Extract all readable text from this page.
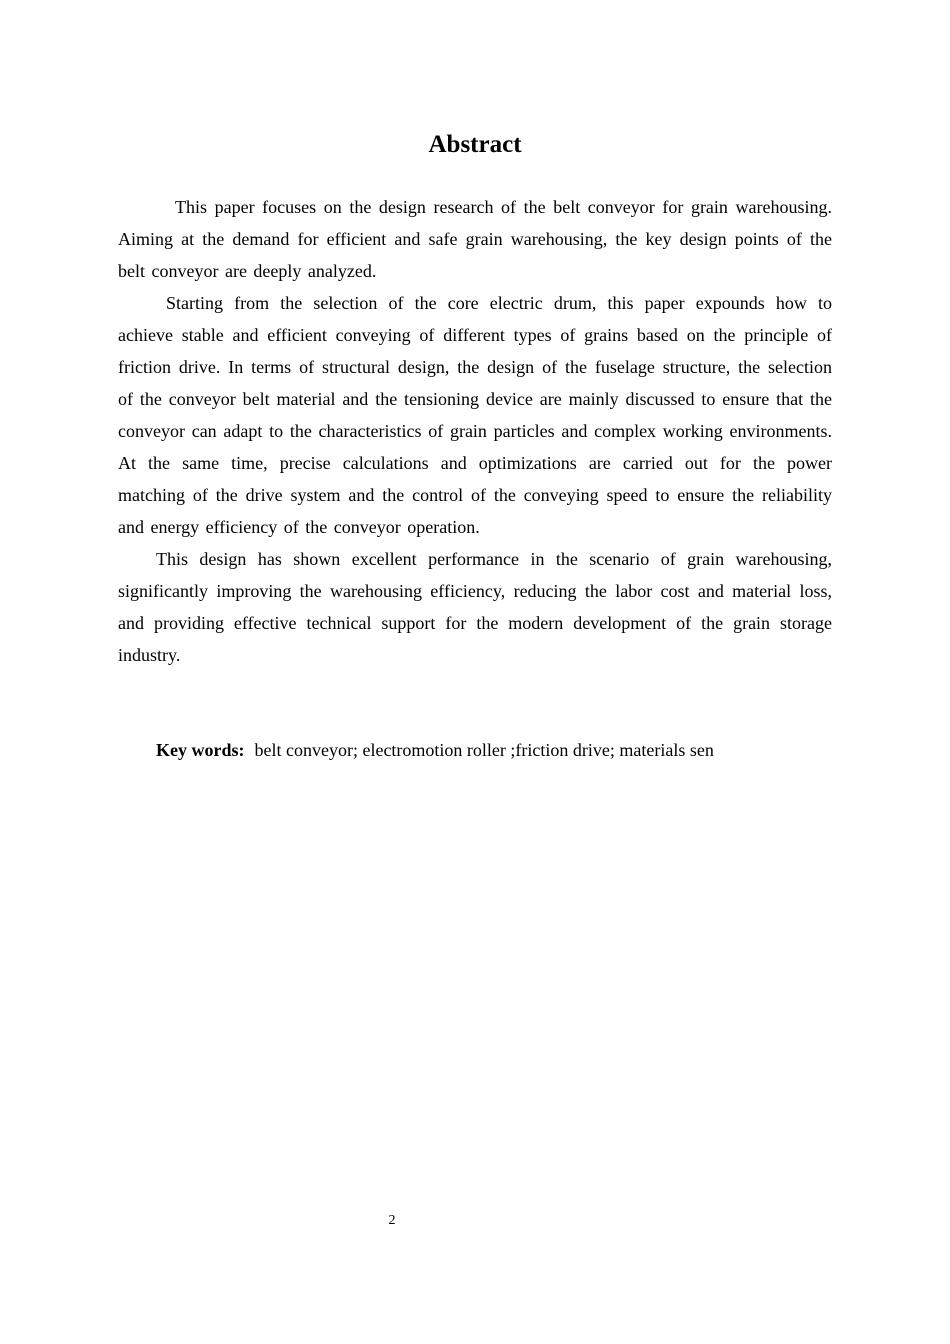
Abstract

This paper focuses on the design research of the belt conveyor for grain warehousing. Aiming at the demand for efficient and safe grain warehousing, the key design points of the belt conveyor are deeply analyzed.

Starting from the selection of the core electric drum, this paper expounds how to achieve stable and efficient conveying of different types of grains based on the principle of friction drive. In terms of structural design, the design of the fuselage structure, the selection of the conveyor belt material and the tensioning device are mainly discussed to ensure that the conveyor can adapt to the characteristics of grain particles and complex working environments. At the same time, precise calculations and optimizations are carried out for the power matching of the drive system and the control of the conveying speed to ensure the reliability and energy efficiency of the conveyor operation.

This design has shown excellent performance in the scenario of grain warehousing, significantly improving the warehousing efficiency, reducing the labor cost and material loss, and providing effective technical support for the modern development of the grain storage industry.

Key words: belt conveyor; electromotion roller ;friction drive; materials sen
2
